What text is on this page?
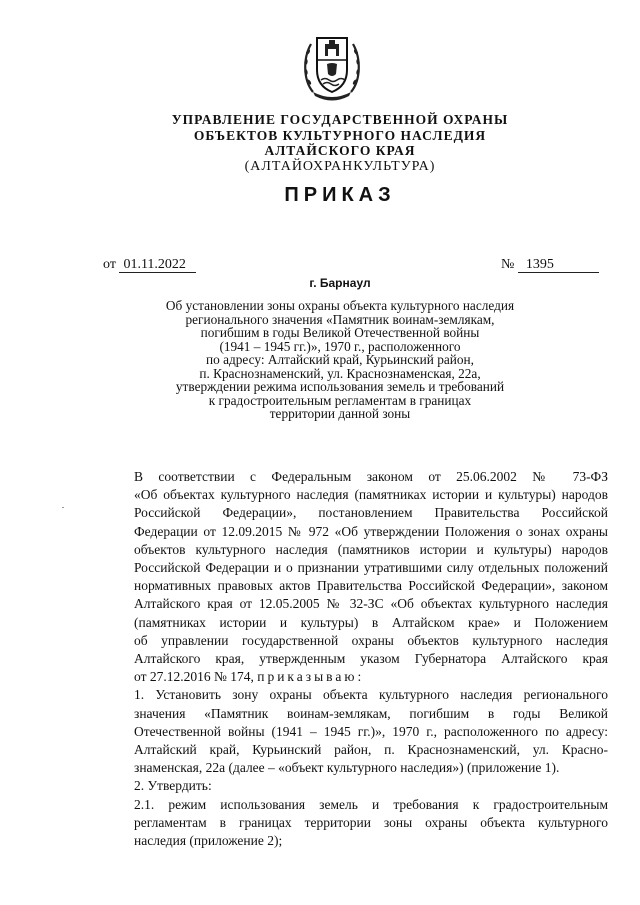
УПРАВЛЕНИЕ ГОСУДАРСТВЕННОЙ ОХРАНЫ
ОБЪЕКТОВ КУЛЬТУРНОГО НАСЛЕДИЯ
АЛТАЙСКОГО КРАЯ
(АЛТАЙОХРАНКУЛЬТУРА)
ПРИКАЗ
от 01.11.2022	№ 1395
г. Барнаул
Об установлении зоны охраны объекта культурного наследия
регионального значения «Памятник воинам-землякам,
погибшим в годы Великой Отечественной войны
(1941 – 1945 гг.)», 1970 г., расположенного
по адресу: Алтайский край, Курьинский район,
п. Краснознаменский, ул. Краснознаменская, 22а,
утверждении режима использования земель и требований
к градостроительным регламентам в границах
территории данной зоны

В соответствии с Федеральным законом от 25.06.2002 № 73-ФЗ
«Об объектах культурного наследия (памятниках истории и культуры) народов
Российской Федерации», постановлением Правительства Российской
Федерации от 12.09.2015 № 972 «Об утверждении Положения о зонах охраны
объектов культурного наследия (памятников истории и культуры) народов
Российской Федерации и о признании утратившими силу отдельных положений
нормативных правовых актов Правительства Российской Федерации», законом
Алтайского края от 12.05.2005 № 32-ЗС «Об объектах культурного наследия
(памятниках истории и культуры) в Алтайском крае» и Положением
об управлении государственной охраны объектов культурного наследия
Алтайского края, утвержденным указом Губернатора Алтайского края
от 27.12.2016 № 174, приказываю:

1. Установить зону охраны объекта культурного наследия регионального
значения «Памятник воинам-землякам, погибшим в годы Великой
Отечественной войны (1941 – 1945 гг.)», 1970 г., расположенного по адресу:
Алтайский край, Курьинский район, п. Краснознаменский, ул. Красно-
знаменская, 22а (далее – «объект культурного наследия») (приложение 1).

2. Утвердить:

2.1. режим использования земель и требования к градостроительным
регламентам в границах территории зоны охраны объекта культурного
наследия (приложение 2);
